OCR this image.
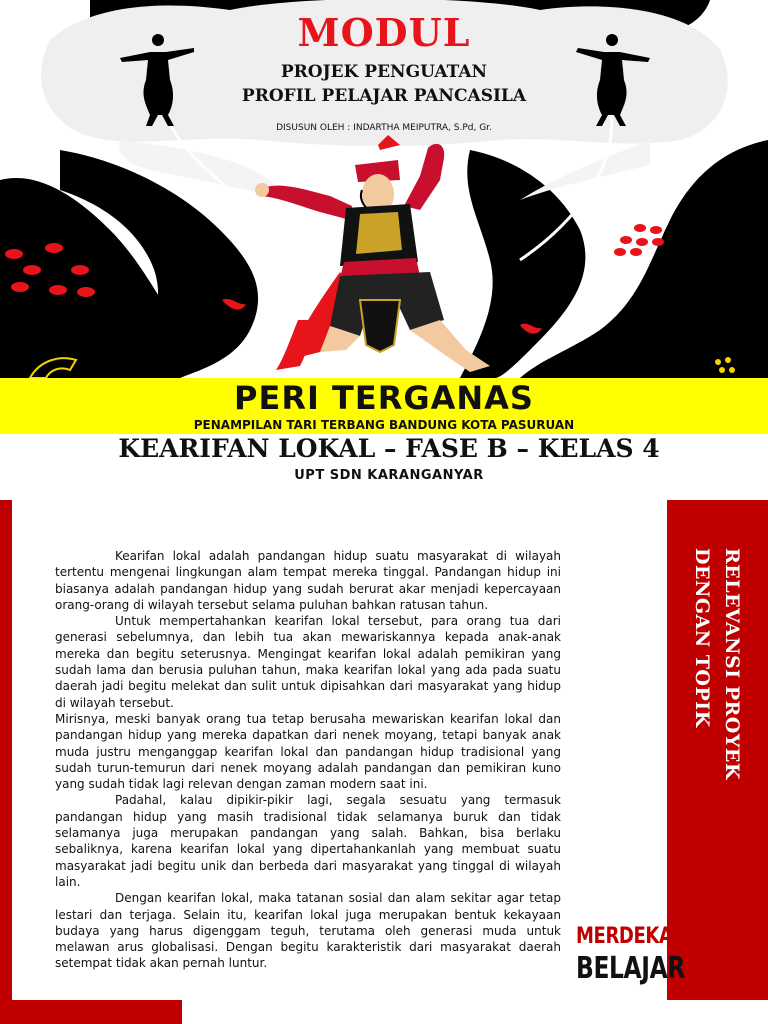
MODUL
PROJEK PENGUATAN
PROFIL PELAJAR PANCASILA
DISUSUN OLEH : INDARTHA MEIPUTRA, S.Pd, Gr.
PERI TERGANAS
PENAMPILAN TARI TERBANG BANDUNG KOTA PASURUAN
KEARIFAN LOKAL – FASE B – KELAS 4
UPT SDN KARANGANYAR
RELEVANSI PROYEK
DENGAN TOPIK
MERDEKA
BELAJAR

Kearifan lokal adalah pandangan hidup suatu masyarakat di wilayah tertentu mengenai lingkungan alam tempat mereka tinggal. Pandangan hidup ini biasanya adalah pandangan hidup yang sudah berurat akar menjadi kepercayaan orang-orang di wilayah tersebut selama puluhan bahkan ratusan tahun.

Untuk mempertahankan kearifan lokal tersebut, para orang tua dari generasi sebelumnya, dan lebih tua akan mewariskannya kepada anak-anak mereka dan begitu seterusnya. Mengingat kearifan lokal adalah pemikiran yang sudah lama dan berusia puluhan tahun, maka kearifan lokal yang ada pada suatu daerah jadi begitu melekat dan sulit untuk dipisahkan dari masyarakat yang hidup di wilayah tersebut.

Mirisnya, meski banyak orang tua tetap berusaha mewariskan kearifan lokal dan pandangan hidup yang mereka dapatkan dari nenek moyang, tetapi banyak anak muda justru menganggap kearifan lokal dan pandangan hidup tradisional yang sudah turun-temurun dari nenek moyang adalah pandangan dan pemikiran kuno yang sudah tidak lagi relevan dengan zaman modern saat ini.

Padahal, kalau dipikir-pikir lagi, segala sesuatu yang termasuk pandangan hidup yang masih tradisional tidak selamanya buruk dan tidak selamanya juga merupakan pandangan yang salah. Bahkan, bisa berlaku sebaliknya, karena kearifan lokal yang dipertahankanlah yang membuat suatu masyarakat jadi begitu unik dan berbeda dari masyarakat yang tinggal di wilayah lain.

Dengan kearifan lokal, maka tatanan sosial dan alam sekitar agar tetap lestari dan terjaga. Selain itu, kearifan lokal juga merupakan bentuk kekayaan budaya yang harus digenggam teguh, terutama oleh generasi muda untuk melawan arus globalisasi. Dengan begitu karakteristik dari masyarakat daerah setempat tidak akan pernah luntur.
